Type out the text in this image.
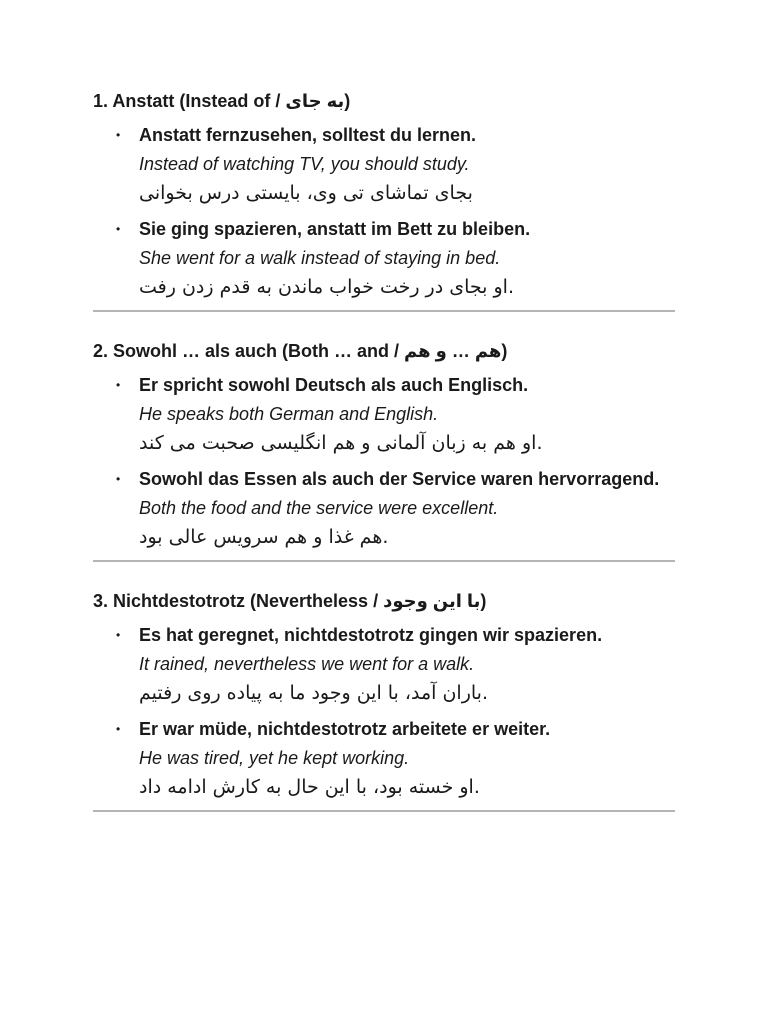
1. Anstatt (Instead of / به جای)

• Anstatt fernzusehen, solltest du lernen.
Instead of watching TV, you should study.
بجای تماشای تی وی، بایستی درس بخوانی
• Sie ging spazieren, anstatt im Bett zu bleiben.
She went for a walk instead of staying in bed.
او بجای در رخت خواب ماندن به قدم زدن رفت.

2. Sowohl … als auch (Both … and / هم … و هم)

• Er spricht sowohl Deutsch als auch Englisch.
He speaks both German and English.
او هم به زبان آلمانی و هم انگلیسی صحبت می کند.
• Sowohl das Essen als auch der Service waren hervorragend.
Both the food and the service were excellent.
هم غذا و هم سرویس عالی بود.

3. Nichtdestotrotz (Nevertheless / با این وجود)

• Es hat geregnet, nichtdestotrotz gingen wir spazieren.
It rained, nevertheless we went for a walk.
باران آمد، با این وجود ما به پیاده روی رفتیم.
• Er war müde, nichtdestotrotz arbeitete er weiter.
He was tired, yet he kept working.
او خسته بود، با این حال به کارش ادامه داد.
